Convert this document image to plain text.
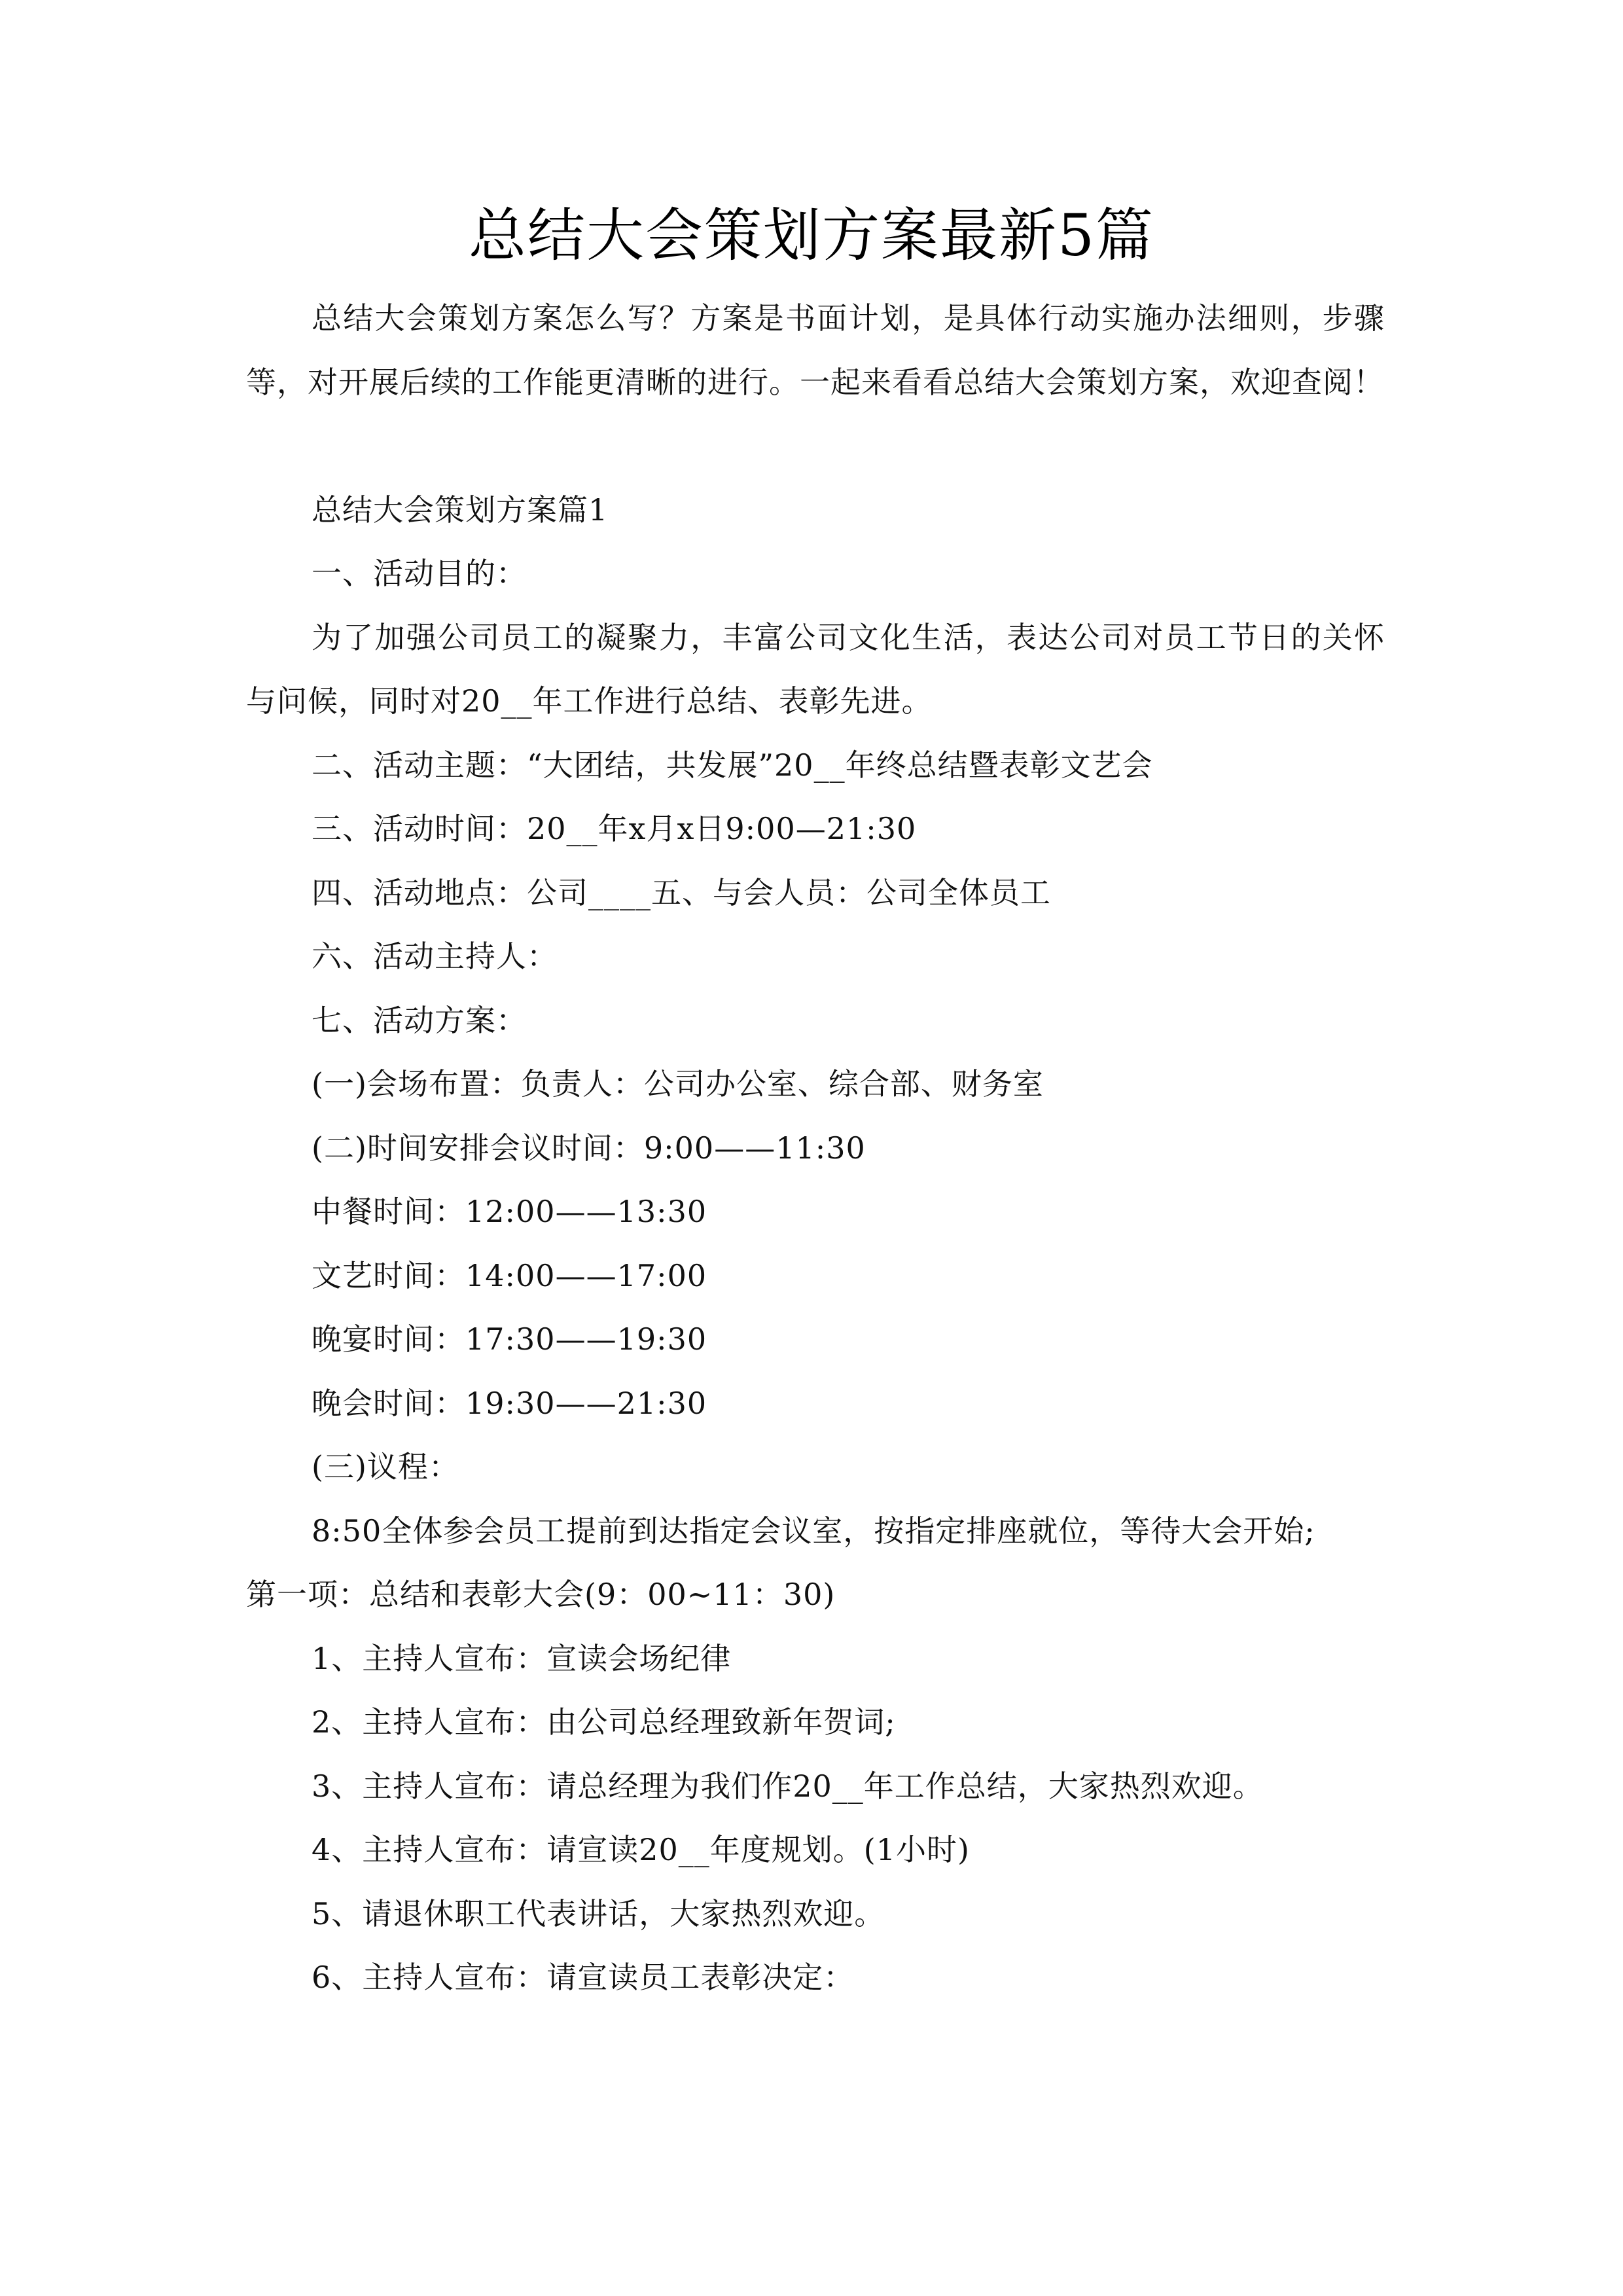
总结大会策划方案最新5篇

总结大会策划方案怎么写？方案是书面计划，是具体行动实施办法细则，步骤等，对开展后续的工作能更清晰的进行。一起来看看总结大会策划方案，欢迎查阅！

总结大会策划方案篇1

一、活动目的：

为了加强公司员工的凝聚力，丰富公司文化生活，表达公司对员工节日的关怀与问候，同时对20__年工作进行总结、表彰先进。

二、活动主题：“大团结，共发展”20__年终总结暨表彰文艺会

三、活动时间：20__年x月x日9:00—21:30

四、活动地点：公司____五、与会人员：公司全体员工

六、活动主持人：

七、活动方案：

(一)会场布置：负责人：公司办公室、综合部、财务室

(二)时间安排会议时间：9:00——11:30

中餐时间：12:00——13:30

文艺时间：14:00——17:00

晚宴时间：17:30——19:30

晚会时间：19:30——21:30

(三)议程：

8:50全体参会员工提前到达指定会议室，按指定排座就位，等待大会开始;

第一项：总结和表彰大会(9：00~11：30)

1、主持人宣布：宣读会场纪律

2、主持人宣布：由公司总经理致新年贺词;

3、主持人宣布：请总经理为我们作20__年工作总结，大家热烈欢迎。

4、主持人宣布：请宣读20__年度规划。(1小时)

5、请退休职工代表讲话，大家热烈欢迎。

6、主持人宣布：请宣读员工表彰决定：
